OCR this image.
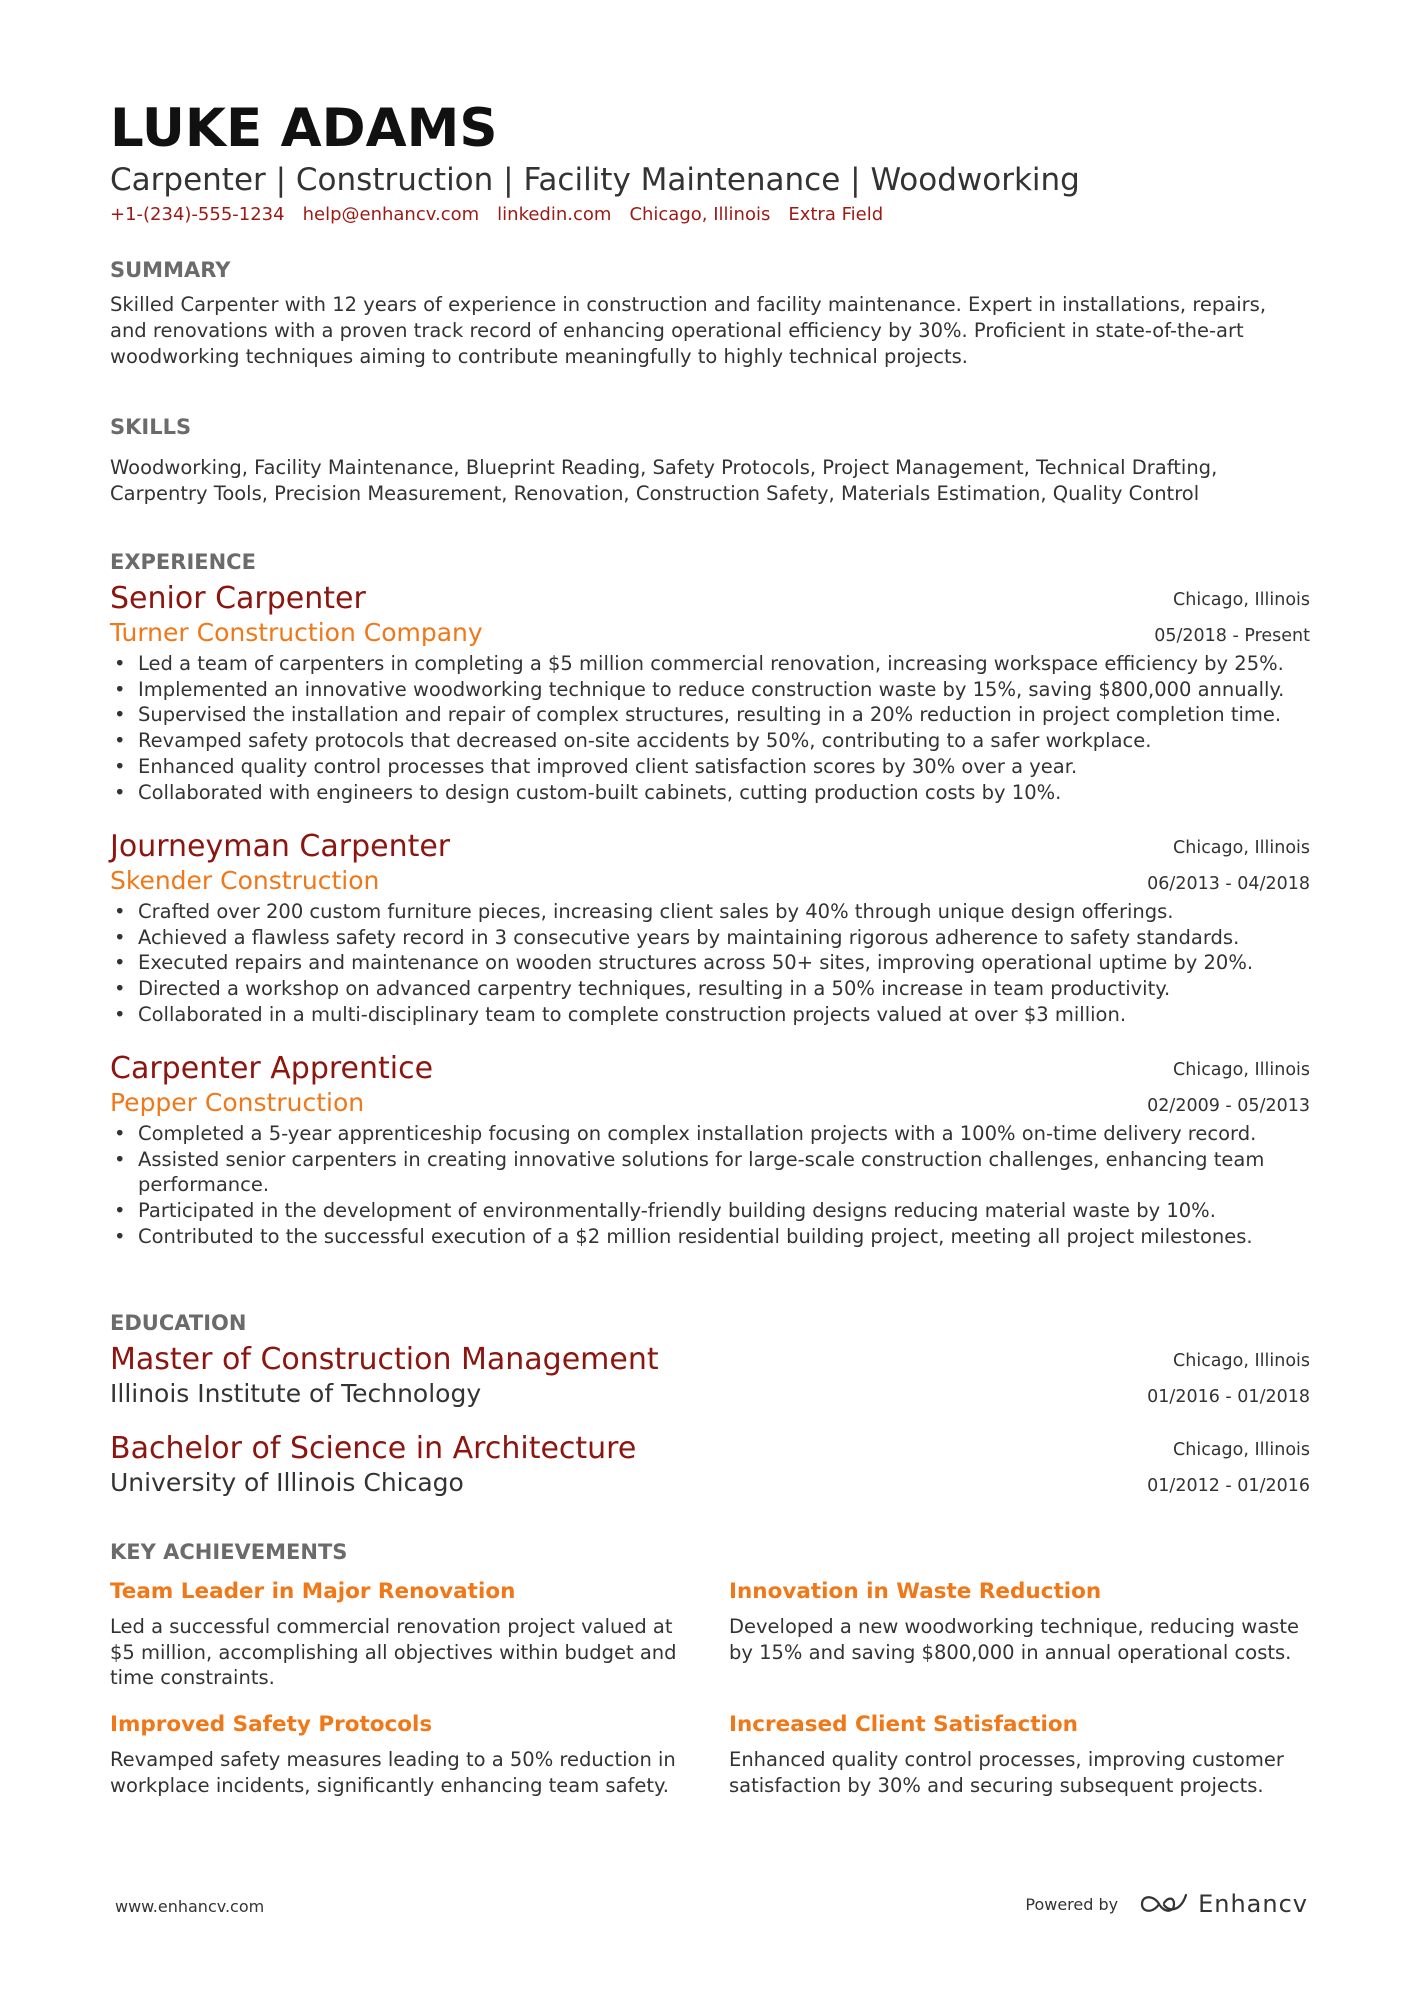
LUKE ADAMS
Carpenter | Construction | Facility Maintenance | Woodworking
+1-(234)-555-1234 help@enhancv.com linkedin.com Chicago, Illinois Extra Field
SUMMARY
Skilled Carpenter with 12 years of experience in construction and facility maintenance. Expert in installations, repairs,
and renovations with a proven track record of enhancing operational efficiency by 30%. Proficient in state-of-the-art
woodworking techniques aiming to contribute meaningfully to highly technical projects.
SKILLS
Woodworking, Facility Maintenance, Blueprint Reading, Safety Protocols, Project Management, Technical Drafting,
Carpentry Tools, Precision Measurement, Renovation, Construction Safety, Materials Estimation, Quality Control
EXPERIENCE
Senior Carpenter
Turner Construction Company
Chicago, Illinois
05/2018 - Present
• Led a team of carpenters in completing a $5 million commercial renovation, increasing workspace efficiency by 25%.
• Implemented an innovative woodworking technique to reduce construction waste by 15%, saving $800,000 annually.
• Supervised the installation and repair of complex structures, resulting in a 20% reduction in project completion time.
• Revamped safety protocols that decreased on-site accidents by 50%, contributing to a safer workplace.
• Enhanced quality control processes that improved client satisfaction scores by 30% over a year.
• Collaborated with engineers to design custom-built cabinets, cutting production costs by 10%.
Journeyman Carpenter
Skender Construction
Chicago, Illinois
06/2013 - 04/2018
• Crafted over 200 custom furniture pieces, increasing client sales by 40% through unique design offerings.
• Achieved a flawless safety record in 3 consecutive years by maintaining rigorous adherence to safety standards.
• Executed repairs and maintenance on wooden structures across 50+ sites, improving operational uptime by 20%.
• Directed a workshop on advanced carpentry techniques, resulting in a 50% increase in team productivity.
• Collaborated in a multi-disciplinary team to complete construction projects valued at over $3 million.
Carpenter Apprentice
Pepper Construction
Chicago, Illinois
02/2009 - 05/2013
• Completed a 5-year apprenticeship focusing on complex installation projects with a 100% on-time delivery record.
• Assisted senior carpenters in creating innovative solutions for large-scale construction challenges, enhancing team performance.
• Participated in the development of environmentally-friendly building designs reducing material waste by 10%.
• Contributed to the successful execution of a $2 million residential building project, meeting all project milestones.
EDUCATION
Master of Construction Management
Illinois Institute of Technology
Chicago, Illinois
01/2016 - 01/2018
Bachelor of Science in Architecture
University of Illinois Chicago
Chicago, Illinois
01/2012 - 01/2016
KEY ACHIEVEMENTS
Team Leader in Major Renovation
Led a successful commercial renovation project valued at $5 million, accomplishing all objectives within budget and time constraints.
Innovation in Waste Reduction
Developed a new woodworking technique, reducing waste by 15% and saving $800,000 in annual operational costs.
Improved Safety Protocols
Revamped safety measures leading to a 50% reduction in workplace incidents, significantly enhancing team safety.
Increased Client Satisfaction
Enhanced quality control processes, improving customer satisfaction by 30% and securing subsequent projects.
www.enhancv.com	Powered by	Enhancv
